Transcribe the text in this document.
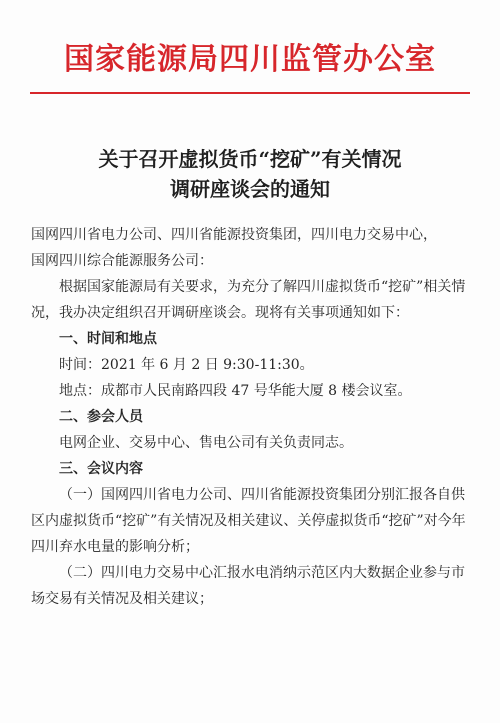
国家能源局四川监管办公室
关于召开虚拟货币“挖矿”有关情况
调研座谈会的通知

国网四川省电力公司、四川省能源投资集团，四川电力交易中心，

国网四川综合能源服务公司：

根据国家能源局有关要求，为充分了解四川虚拟货币“挖矿”相关情况，我办决定组织召开调研座谈会。现将有关事项通知如下：

一、时间和地点

时间：2021 年 6 月 2 日 9:30-11:30。

地点：成都市人民南路四段 47 号华能大厦 8 楼会议室。

二、参会人员

电网企业、交易中心、售电公司有关负责同志。

三、会议内容

（一）国网四川省电力公司、四川省能源投资集团分别汇报各自供区内虚拟货币“挖矿”有关情况及相关建议、关停虚拟货币“挖矿”对今年四川弃水电量的影响分析；

（二）四川电力交易中心汇报水电消纳示范区内大数据企业参与市场交易有关情况及相关建议；
